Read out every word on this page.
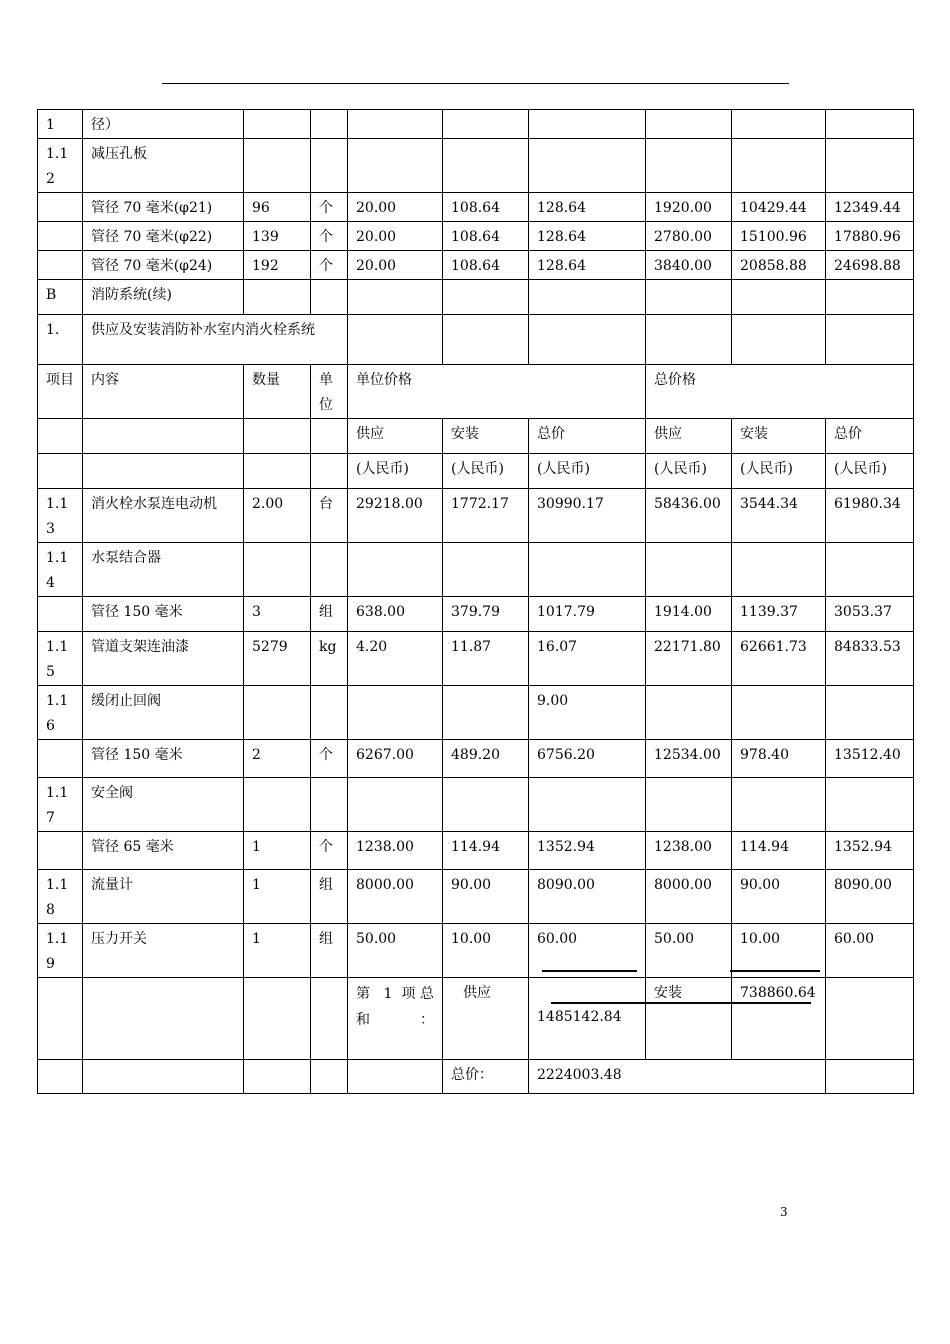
1	径）								
1.12	减压孔板								
	管径 70 毫米(φ21)	96	个	20.00	108.64	128.64	1920.00	10429.44	12349.44
	管径 70 毫米(φ22)	139	个	20.00	108.64	128.64	2780.00	15100.96	17880.96
	管径 70 毫米(φ24)	192	个	20.00	108.64	128.64	3840.00	20858.88	24698.88
B	消防系统(续)								
1.	供应及安装消防补水室内消火栓系统								
项目	内容	数量	单位	单位价格			总价格		
				供应	安装	总价	供应	安装	总价
				(人民币)	(人民币)	(人民币)	(人民币)	(人民币)	(人民币)
1.13	消火栓水泵连电动机	2.00	台	29218.00	1772.17	30990.17	58436.00	3544.34	61980.34
1.14	水泵结合器								
	管径 150 毫米	3	组	638.00	379.79	1017.79	1914.00	1139.37	3053.37
1.15	管道支架连油漆	5279	kg	4.20	11.87	16.07	22171.80	62661.73	84833.53
1.16	缓闭止回阀					9.00			
	管径 150 毫米	2	个	6267.00	489.20	6756.20	12534.00	978.40	13512.40
1.17	安全阀								
	管径 65 毫米	1	个	1238.00	114.94	1352.94	1238.00	114.94	1352.94
1.18	流量计	1	组	8000.00	90.00	8090.00	8000.00	90.00	8090.00
1.19	压力开关	1	组	50.00	10.00	60.00	50.00	10.00	60.00

				第 1 项总和：	供应	1485142.84	安装	738860.64	
					总价：	2224003.48			
3
